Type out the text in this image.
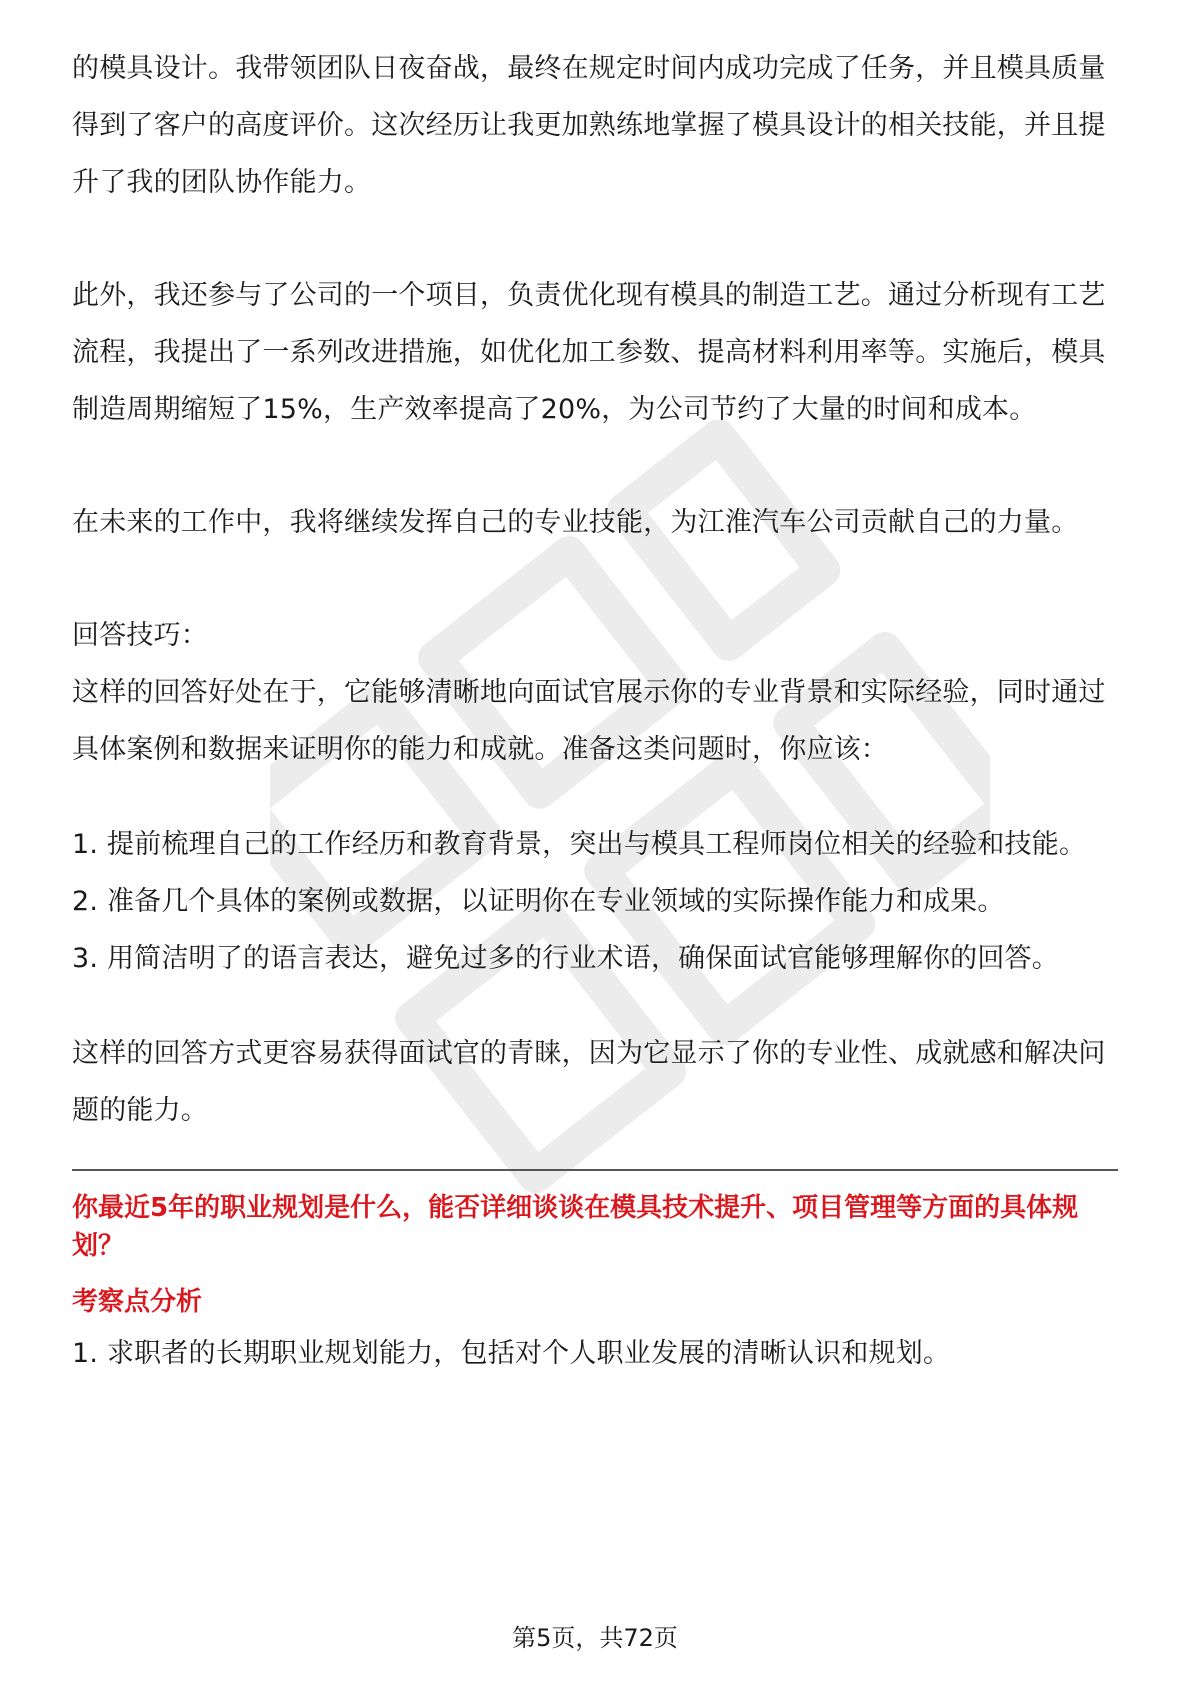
的模具设计。我带领团队日夜奋战，最终在规定时间内成功完成了任务，并且模具质量得到了客户的高度评价。这次经历让我更加熟练地掌握了模具设计的相关技能，并且提升了我的团队协作能力。

此外，我还参与了公司的一个项目，负责优化现有模具的制造工艺。通过分析现有工艺流程，我提出了一系列改进措施，如优化加工参数、提高材料利用率等。实施后，模具制造周期缩短了15%，生产效率提高了20%，为公司节约了大量的时间和成本。

在未来的工作中，我将继续发挥自己的专业技能，为江淮汽车公司贡献自己的力量。

回答技巧：

这样的回答好处在于，它能够清晰地向面试官展示你的专业背景和实际经验，同时通过具体案例和数据来证明你的能力和成就。准备这类问题时，你应该：

1. 提前梳理自己的工作经历和教育背景，突出与模具工程师岗位相关的经验和技能。

2. 准备几个具体的案例或数据，以证明你在专业领域的实际操作能力和成果。

3. 用简洁明了的语言表达，避免过多的行业术语，确保面试官能够理解你的回答。

这样的回答方式更容易获得面试官的青睐，因为它显示了你的专业性、成就感和解决问题的能力。

你最近5年的职业规划是什么，能否详细谈谈在模具技术提升、项目管理等方面的具体规划？

考察点分析

1. 求职者的长期职业规划能力，包括对个人职业发展的清晰认识和规划。

第5页，共72页
